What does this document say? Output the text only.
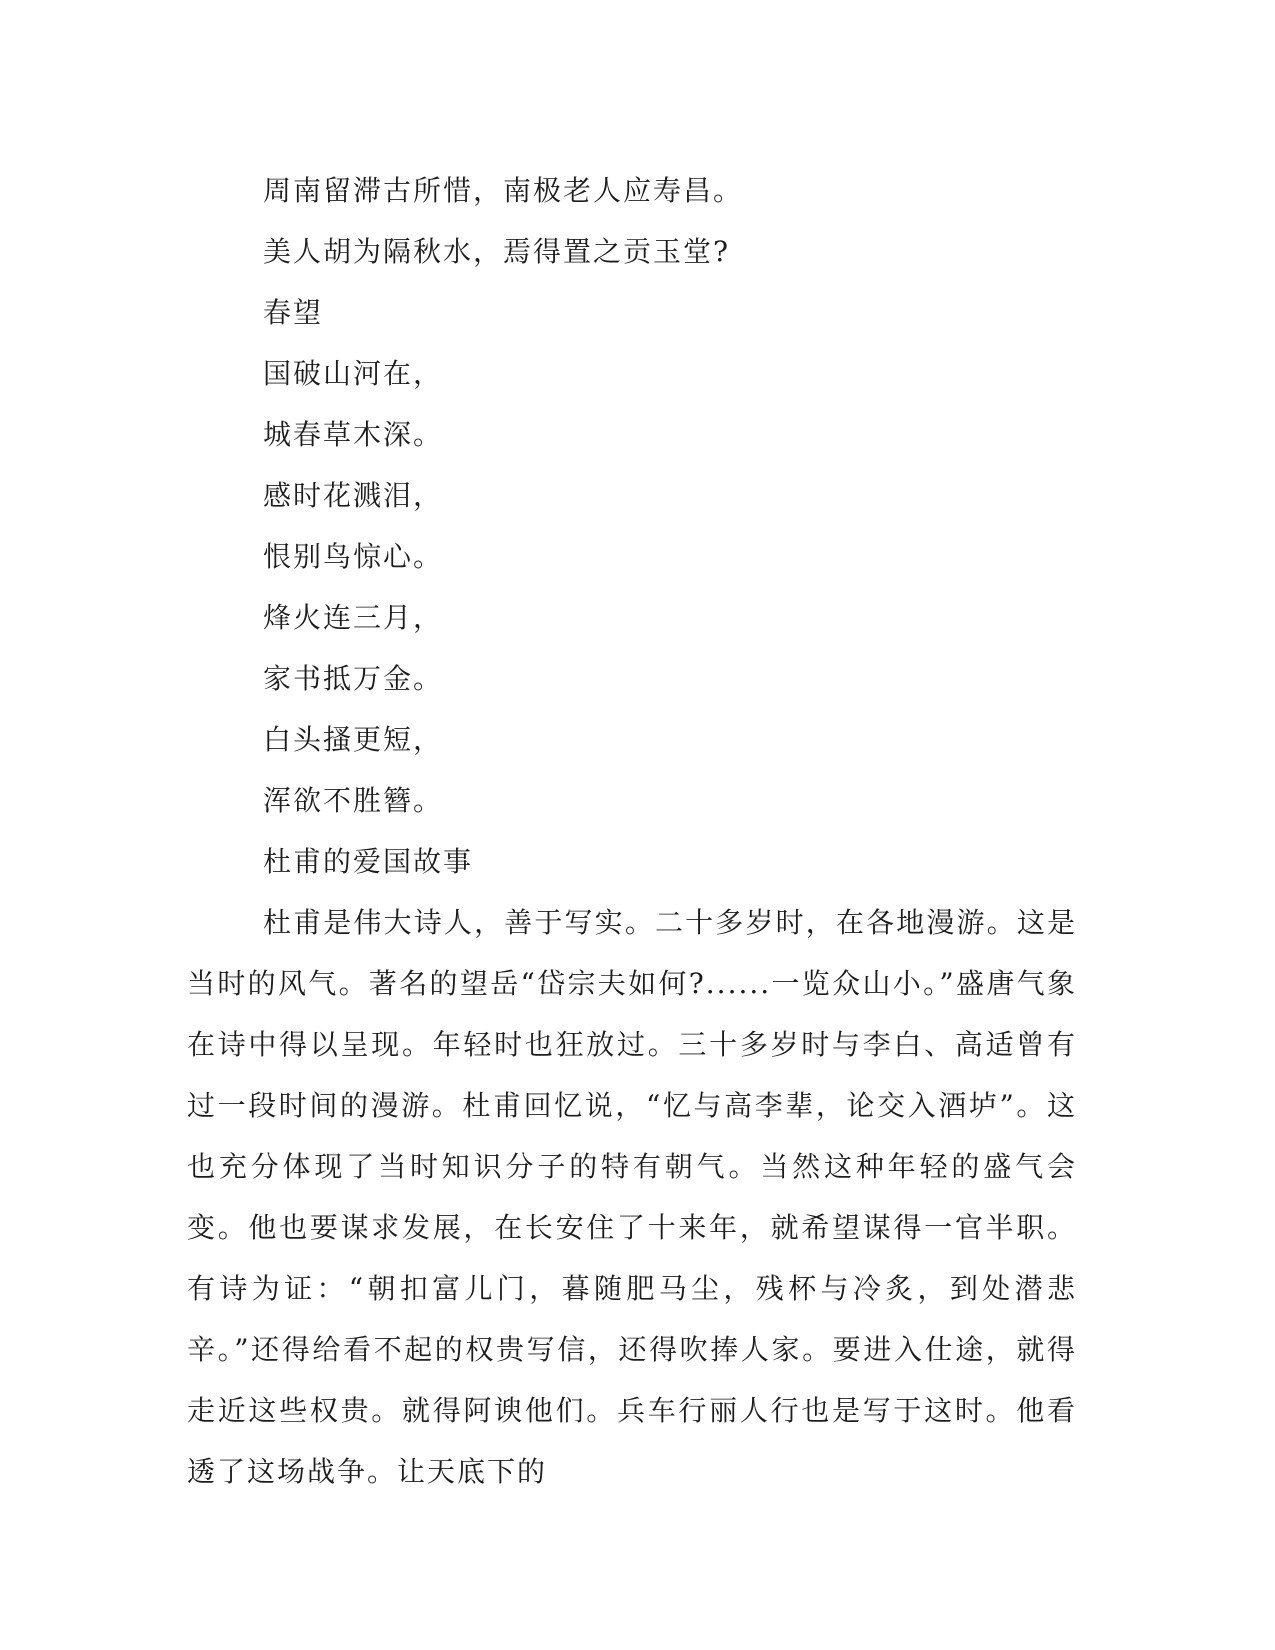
周南留滞古所惜，南极老人应寿昌。

美人胡为隔秋水，焉得置之贡玉堂?

春望

国破山河在，

城春草木深。

感时花溅泪，

恨别鸟惊心。

烽火连三月，

家书抵万金。

白头搔更短，

浑欲不胜簪。

杜甫的爱国故事

杜甫是伟大诗人，善于写实。二十多岁时，在各地漫游。这是当时的风气。著名的望岳“岱宗夫如何?......一览众山小。”盛唐气象在诗中得以呈现。年轻时也狂放过。三十多岁时与李白、高适曾有过一段时间的漫游。杜甫回忆说，“忆与高李辈，论交入酒垆”。这也充分体现了当时知识分子的特有朝气。当然这种年轻的盛气会变。他也要谋求发展，在长安住了十来年，就希望谋得一官半职。有诗为证：“朝扣富儿门，暮随肥马尘，残杯与冷炙，到处潜悲辛。”还得给看不起的权贵写信，还得吹捧人家。要进入仕途，就得走近这些权贵。就得阿谀他们。兵车行丽人行也是写于这时。他看透了这场战争。让天底下的
